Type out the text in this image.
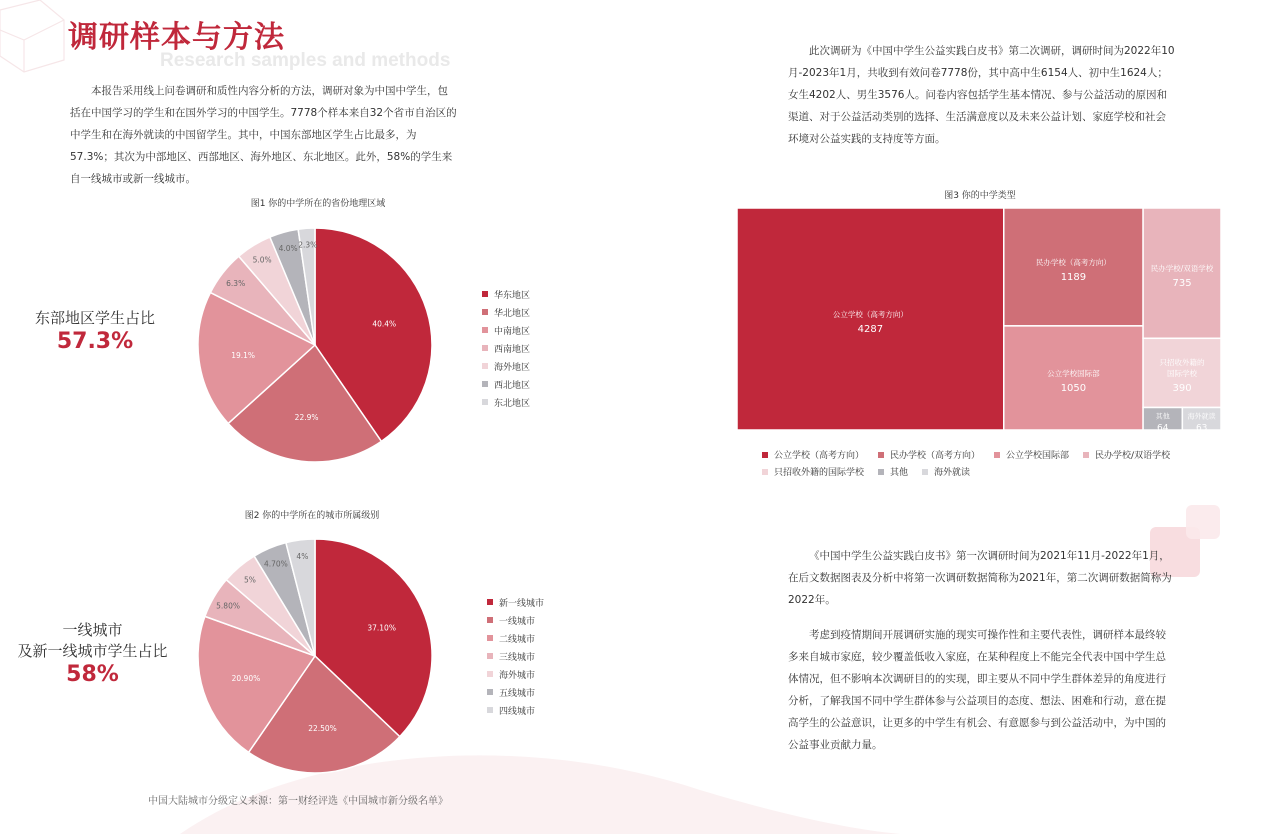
调研样本与方法
Research samples and methods

本报告采用线上问卷调研和质性内容分析的方法，调研对象为中国中学生，包括在中国学习的学生和在国外学习的中国学生。7778个样本来自32个省市自治区的中学生和在海外就读的中国留学生。其中，中国东部地区学生占比最多，为57.3%；其次为中部地区、西部地区、海外地区、东北地区。此外，58%的学生来自一线城市或新一线城市。

东部地区学生占比
57.3%
一线城市
及新一线城市学生占比
58%
图1 你的中学所在的省份地理区域
40.4%
22.9%
19.1%
6.3%
5.0%
4.0% 2.3%
华东地区
华北地区
中南地区
西南地区
海外地区
西北地区
东北地区
图2 你的中学所在的城市所属级别
37.10%
22.50%
20.90%
5.80%
5%
4.70%
4%
新一线城市
一线城市
二线城市
三线城市
海外城市
五线城市
四线城市
中国大陆城市分级定义来源：第一财经评选《中国城市新分级名单》

此次调研为《中国中学生公益实践白皮书》第二次调研，调研时间为2022年10月-2023年1月，共收到有效问卷7778份，其中高中生6154人、初中生1624人；女生4202人、男生3576人。问卷内容包括学生基本情况、参与公益活动的原因和渠道、对于公益活动类别的选择、生活满意度以及未来公益计划、家庭学校和社会环境对公益实践的支持度等方面。

图3 你的中学类型
公立学校（高考方向）
4287
民办学校（高考方向）
1189
公立学校国际部
1050
民办学校/双语学校
735
只招收外籍的
国际学校
390
其他
64
海外就读
63
公立学校（高考方向）	民办学校（高考方向）	公立学校国际部	民办学校/双语学校
只招收外籍的国际学校	其他	海外就读

《中国中学生公益实践白皮书》第一次调研时间为2021年11月-2022年1月，在后文数据图表及分析中将第一次调研数据简称为2021年，第二次调研数据简称为2022年。

考虑到疫情期间开展调研实施的现实可操作性和主要代表性，调研样本最终较多来自城市家庭，较少覆盖低收入家庭，在某种程度上不能完全代表中国中学生总体情况，但不影响本次调研目的的实现，即主要从不同中学生群体差异的角度进行分析，了解我国不同中学生群体参与公益项目的态度、想法、困难和行动，意在提高学生的公益意识，让更多的中学生有机会、有意愿参与到公益活动中，为中国的公益事业贡献力量。
